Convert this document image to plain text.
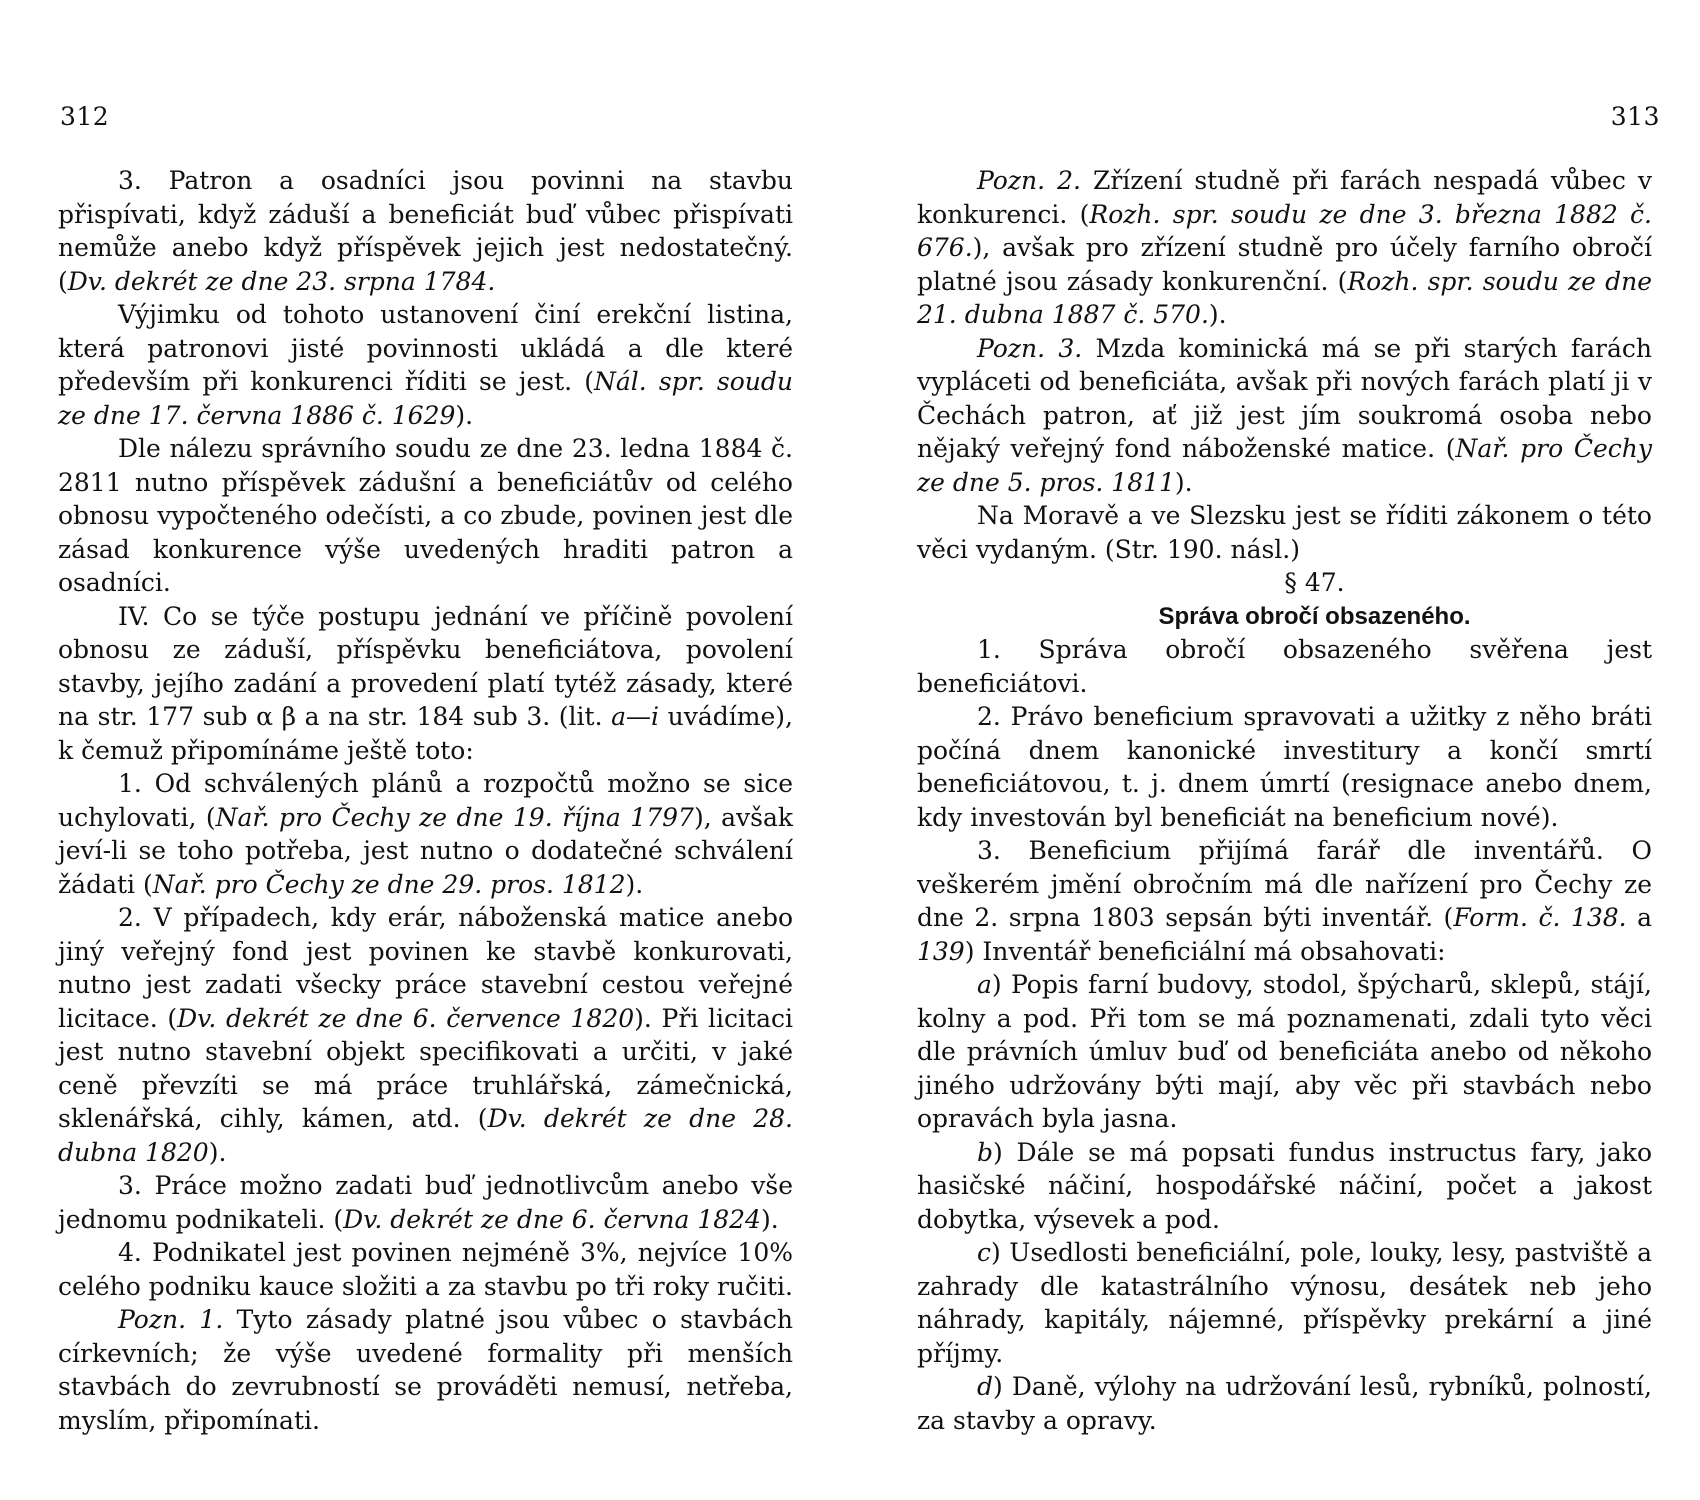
312	313

3. Patron a osadníci jsou povinni na stavbu přispívati, když záduší a beneficiát buď vůbec přispívati nemůže anebo když příspěvek jejich jest nedostatečný. (Dv. dekrét ze dne 23. srpna 1784.

Výjimku od tohoto ustanovení činí erekční listina, která patronovi jisté povinnosti ukládá a dle které především při konkurenci říditi se jest. (Nál. spr. soudu ze dne 17. června 1886 č. 1629).

Dle nálezu správního soudu ze dne 23. ledna 1884 č. 2811 nutno příspěvek zádušní a beneficiátův od celého obnosu vypočteného odečísti, a co zbude, povinen jest dle zásad konkurence výše uvedených hraditi patron a osadníci.

IV. Co se týče postupu jednání ve příčině povolení obnosu ze záduší, příspěvku beneficiátova, povolení stavby, jejího zadání a provedení platí tytéž zásady, které na str. 177 sub α β a na str. 184 sub 3. (lit. a—i uvádíme), k čemuž připomínáme ještě toto:

1. Od schválených plánů a rozpočtů možno se sice uchylovati, (Nař. pro Čechy ze dne 19. října 1797), avšak jeví-li se toho potřeba, jest nutno o dodatečné schválení žádati (Nař. pro Čechy ze dne 29. pros. 1812).

2. V případech, kdy erár, náboženská matice anebo jiný veřejný fond jest povinen ke stavbě konkurovati, nutno jest zadati všecky práce stavební cestou veřejné licitace. (Dv. dekrét ze dne 6. července 1820). Při licitaci jest nutno stavební objekt specifikovati a určiti, v jaké ceně převzíti se má práce truhlářská, zámečnická, sklenářská, cihly, kámen, atd. (Dv. dekrét ze dne 28. dubna 1820).

3. Práce možno zadati buď jednotlivcům anebo vše jednomu podnikateli. (Dv. dekrét ze dne 6. června 1824).

4. Podnikatel jest povinen nejméně 3%, nejvíce 10% celého podniku kauce složiti a za stavbu po tři roky ručiti.

Pozn. 1. Tyto zásady platné jsou vůbec o stavbách církevních; že výše uvedené formality při menších stavbách do zevrubností se prováděti nemusí, netřeba, myslím, připomínati.

Pozn. 2. Zřízení studně při farách nespadá vůbec v konkurenci. (Rozh. spr. soudu ze dne 3. března 1882 č. 676.), avšak pro zřízení studně pro účely farního obročí platné jsou zásady konkurenční. (Rozh. spr. soudu ze dne 21. dubna 1887 č. 570.).

Pozn. 3. Mzda kominická má se při starých farách vypláceti od beneficiáta, avšak při nových farách platí ji v Čechách patron, ať již jest jím soukromá osoba nebo nějaký veřejný fond náboženské matice. (Nař. pro Čechy ze dne 5. pros. 1811).

Na Moravě a ve Slezsku jest se říditi zákonem o této věci vydaným. (Str. 190. násl.)

§ 47.

Správa obročí obsazeného.

1. Správa obročí obsazeného svěřena jest beneficiátovi.

2. Právo beneficium spravovati a užitky z něho bráti počíná dnem kanonické investitury a končí smrtí beneficiátovou, t. j. dnem úmrtí (resignace anebo dnem, kdy investován byl beneficiát na beneficium nové).

3. Beneficium přijímá farář dle inventářů. O veškerém jmění obročním má dle nařízení pro Čechy ze dne 2. srpna 1803 sepsán býti inventář. (Form. č. 138. a 139) Inventář beneficiální má obsahovati:

a) Popis farní budovy, stodol, špýcharů, sklepů, stájí, kolny a pod. Při tom se má poznamenati, zdali tyto věci dle právních úmluv buď od beneficiáta anebo od někoho jiného udržovány býti mají, aby věc při stavbách nebo opravách byla jasna.

b) Dále se má popsati fundus instructus fary, jako hasičské náčiní, hospodářské náčiní, počet a jakost dobytka, výsevek a pod.

c) Usedlosti beneficiální, pole, louky, lesy, pastviště a zahrady dle katastrálního výnosu, desátek neb jeho náhrady, kapitály, nájemné, příspěvky prekární a jiné příjmy.

d) Daně, výlohy na udržování lesů, rybníků, polností, za stavby a opravy.
